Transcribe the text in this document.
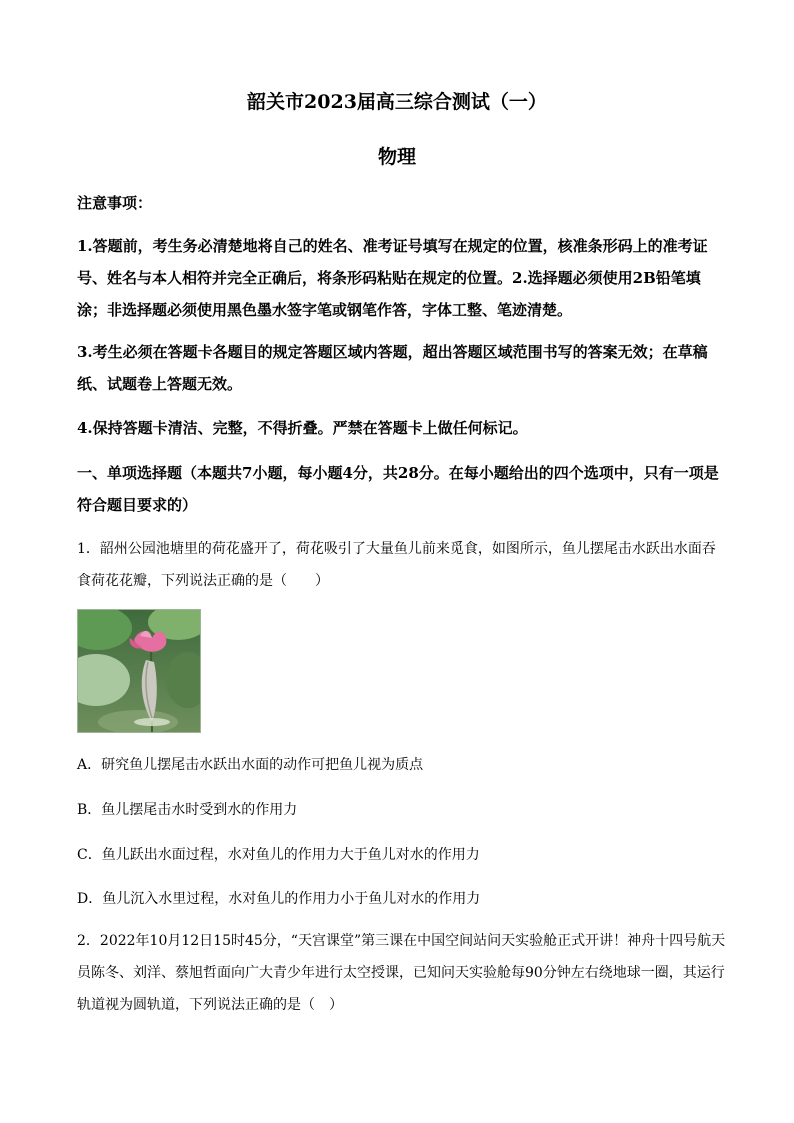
韶关市2023届高三综合测试（一）
物理
注意事项：
1.答题前，考生务必清楚地将自己的姓名、准考证号填写在规定的位置，核准条形码上的准考证号、姓名与本人相符并完全正确后，将条形码粘贴在规定的位置。2.选择题必须使用2B铅笔填涂；非选择题必须使用黑色墨水签字笔或钢笔作答，字体工整、笔迹清楚。
3.考生必须在答题卡各题目的规定答题区域内答题，超出答题区域范围书写的答案无效；在草稿纸、试题卷上答题无效。
4.保持答题卡清洁、完整，不得折叠。严禁在答题卡上做任何标记。
一、单项选择题（本题共7小题，每小题4分，共28分。在每小题给出的四个选项中，只有一项是符合题目要求的）
1．韶州公园池塘里的荷花盛开了，荷花吸引了大量鱼儿前来觅食，如图所示，鱼儿摆尾击水跃出水面吞食荷花花瓣，下列说法正确的是（　　）
A．研究鱼儿摆尾击水跃出水面的动作可把鱼儿视为质点
B．鱼儿摆尾击水时受到水的作用力
C．鱼儿跃出水面过程，水对鱼儿的作用力大于鱼儿对水的作用力
D．鱼儿沉入水里过程，水对鱼儿的作用力小于鱼儿对水的作用力
2．2022年10月12日15时45分，“天宫课堂”第三课在中国空间站问天实验舱正式开讲！神舟十四号航天员陈冬、刘洋、蔡旭哲面向广大青少年进行太空授课，已知问天实验舱每90分钟左右绕地球一圈，其运行轨道视为圆轨道，下列说法正确的是（　）
